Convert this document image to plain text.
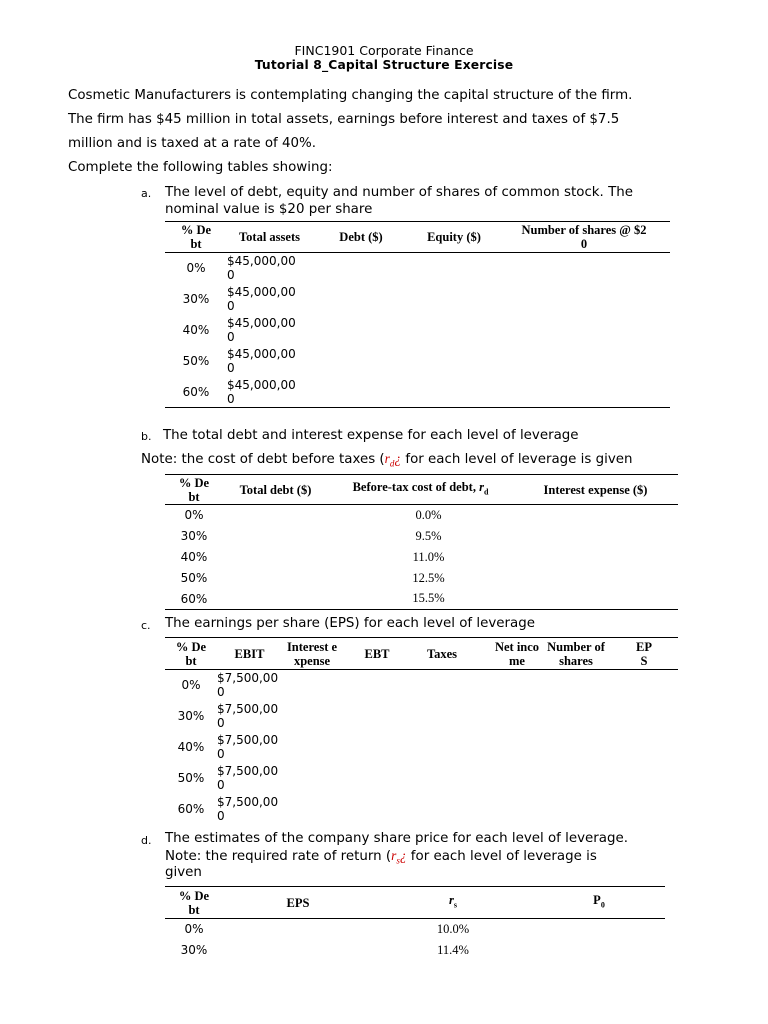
FINC1901 Corporate Finance
Tutorial 8_Capital Structure Exercise
Cosmetic Manufacturers is contemplating changing the capital structure of the firm.
The firm has $45 million in total assets, earnings before interest and taxes of $7.5
million and is taxed at a rate of 40%.
Complete the following tables showing:
a. The level of debt, equity and number of shares of common stock. The
nominal value is $20 per share
% Debt	Total assets	Debt ($)	Equity ($)	Number of shares @ $20
0%	$45,000,000			
30%	$45,000,000			
40%	$45,000,000			
50%	$45,000,000			
60%	$45,000,000			
b. The total debt and interest expense for each level of leverage
Note: the cost of debt before taxes ($r_d¿$ for each level of leverage is given
% Debt	Total debt ($)	Before-tax cost of debt, $r_d$	Interest expense ($)
0%		0.0%	
30%		9.5%	
40%		11.0%	
50%		12.5%	
60%		15.5%	
c. The earnings per share (EPS) for each level of leverage
% Debt	EBIT	Interest expense	EBT	Taxes	Net income	Number of shares	EP S
0%	$7,500,000						
30%	$7,500,000						
40%	$7,500,000						
50%	$7,500,000						
60%	$7,500,000						
d. The estimates of the company share price for each level of leverage.
Note: the required rate of return ($r_s¿$ for each level of leverage is
given
% Debt	EPS	$r_s$	$P_0$
0%		10.0%	
30%		11.4%	
